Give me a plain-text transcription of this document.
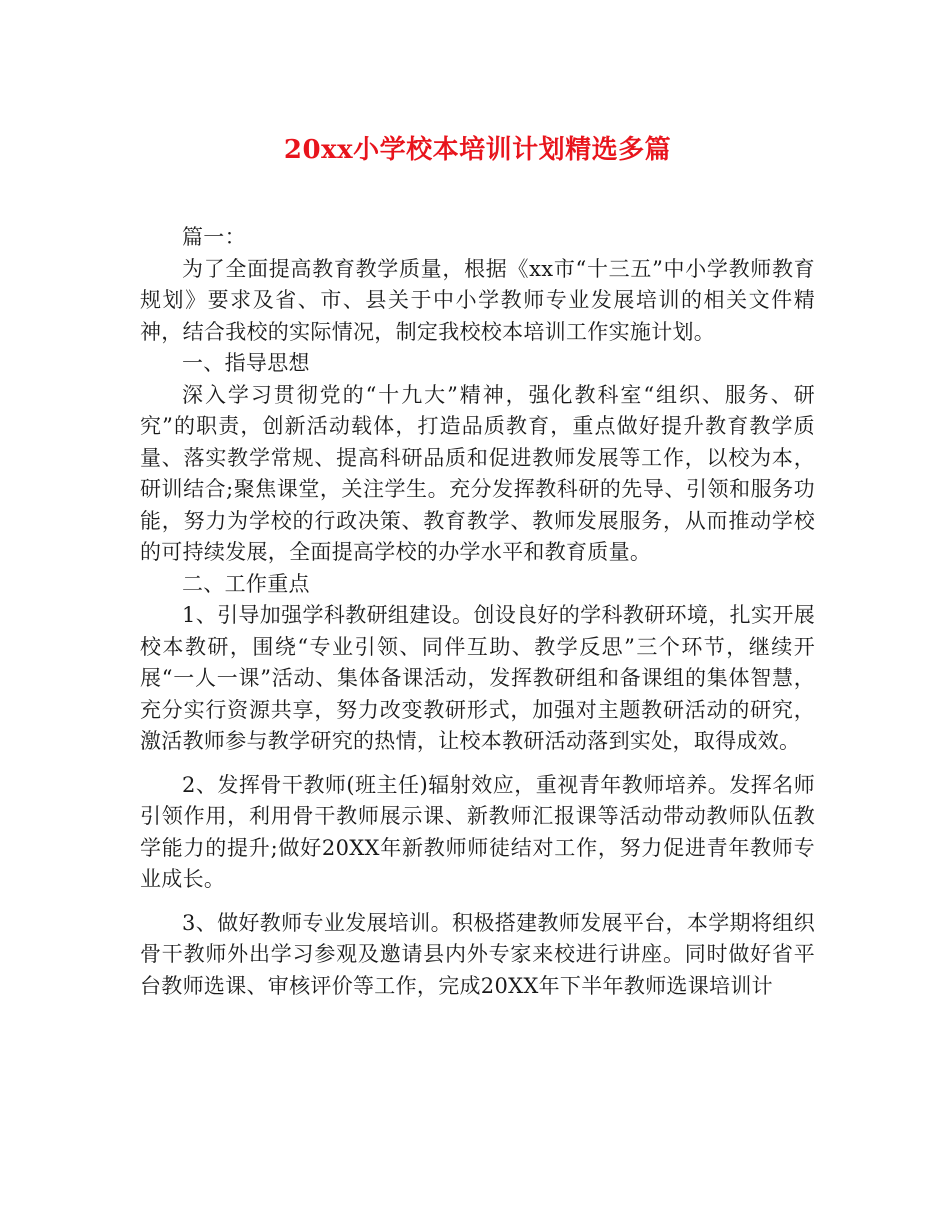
20xx小学校本培训计划精选多篇

篇一：

为了全面提高教育教学质量，根据《xx市“十三五”中小学教师教育规划》要求及省、市、县关于中小学教师专业发展培训的相关文件精神，结合我校的实际情况，制定我校校本培训工作实施计划。

一、指导思想

深入学习贯彻党的“十九大”精神，强化教科室“组织、服务、研究”的职责，创新活动载体，打造品质教育，重点做好提升教育教学质量、落实教学常规、提高科研品质和促进教师发展等工作，以校为本，研训结合;聚焦课堂，关注学生。充分发挥教科研的先导、引领和服务功能，努力为学校的行政决策、教育教学、教师发展服务，从而推动学校的可持续发展，全面提高学校的办学水平和教育质量。

二、工作重点

1、引导加强学科教研组建设。创设良好的学科教研环境，扎实开展校本教研，围绕“专业引领、同伴互助、教学反思”三个环节，继续开展“一人一课”活动、集体备课活动，发挥教研组和备课组的集体智慧，充分实行资源共享，努力改变教研形式，加强对主题教研活动的研究，激活教师参与教学研究的热情，让校本教研活动落到实处，取得成效。

2、发挥骨干教师(班主任)辐射效应，重视青年教师培养。发挥名师引领作用，利用骨干教师展示课、新教师汇报课等活动带动教师队伍教学能力的提升;做好20XX年新教师师徒结对工作，努力促进青年教师专业成长。

3、做好教师专业发展培训。积极搭建教师发展平台，本学期将组织骨干教师外出学习参观及邀请县内外专家来校进行讲座。同时做好省平台教师选课、审核评价等工作，完成20XX年下半年教师选课培训计
